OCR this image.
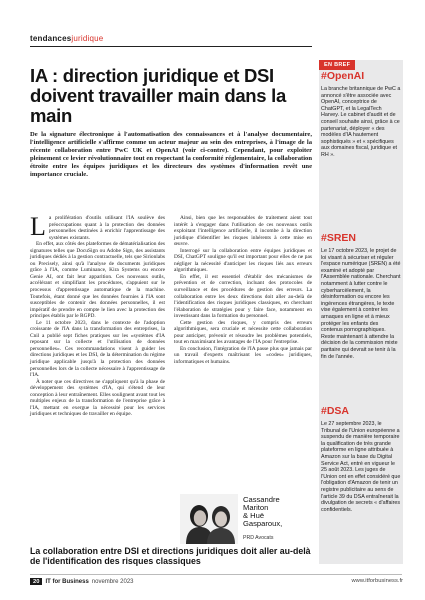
tendancesjuridique
IA : direction juridique et DSI doivent travailler main dans la main

De la signature électronique à l'automatisation des connaissances et à l'analyse documentaire, l'intelligence artificielle s'affirme comme un acteur majeur au sein des entreprises, à l'image de la récente collaboration entre PwC UK et OpenAI (voir ci-contre). Cependant, pour exploiter pleinement ce levier révolutionnaire tout en respectant la conformité réglementaire, la collaboration étroite entre les équipes juridiques et les directeurs des systèmes d'information revêt une importance cruciale.

La prolifération d'outils utilisant l'IA soulève des préoccupations quant à la protection des données personnelles destinées à enrichir l'apprentissage des systèmes existants.

En effet, aux côtés des plateformes de dématérialisation des signatures telles que DocuSign ou Adobe Sign, des assistants juridiques dédiés à la gestion contractuelle, tels que Sirionlabs ou Precisely, ainsi qu'à l'analyse de documents juridiques grâce à l'IA, comme Luminance, Kira Systems ou encore Genie AI, ont fait leur apparition. Ces nouveaux outils, accélérant et simplifiant les procédures, s'appuient sur le processus d'apprentissage automatique de la machine. Toutefois, étant donné que les données fournies à l'IA sont susceptibles de contenir des données personnelles, il est impératif de prendre en compte le lien avec la protection des principes établis par le RGPD.

Le 11 octobre 2023, dans le contexte de l'adoption croissante de l'IA dans la transformation des entreprises, la Cnil a publié sept fiches pratiques sur les «systèmes d'IA reposant sur la collecte et l'utilisation de données personnelles». Ces recommandations visent à guider les directions juridiques et les DSI, de la détermination du régime juridique applicable jusqu'à la protection des données personnelles lors de la collecte nécessaire à l'apprentissage de l'IA.

À noter que ces directives ne s'appliquent qu'à la phase de développement des systèmes d'IA, qui s'étend de leur conception à leur entraînement. Elles soulignent avant tout les multiples enjeux de la transformation de l'entreprise grâce à l'IA, mettant en exergue la nécessité pour les services juridiques et techniques de travailler en équipe.

Ainsi, bien que les responsables de traitement aient tout intérêt à s'engager dans l'utilisation de ces nouveaux outils exploitant l'intelligence artificielle, il incombe à la direction juridique d'identifier les risques inhérents à cette mise en œuvre.

Interrogé sur la collaboration entre équipes juridiques et DSI, ChatGPT souligne qu'il est important pour elles de ne pas négliger la nécessité d'anticiper les risques liés aux erreurs algorithmiques.

En effet, il est essentiel d'établir des mécanismes de prévention et de correction, incluant des protocoles de surveillance et des procédures de gestion des erreurs. La collaboration entre les deux directions doit aller au-delà de l'identification des risques juridiques classiques, en cherchant l'élaboration de stratégies pour y faire face, notamment en investissant dans la formation du personnel.

Cette gestion des risques, y compris des erreurs algorithmiques, sera cruciale et nécessite cette collaboration pour anticiper, prévenir et résoudre les problèmes potentiels, tout en maximisant les avantages de l'IA pour l'entreprise.

En conclusion, l'intégration de l'IA passe plus que jamais par un travail d'experts maîtrisant les «codes» juridiques, informatiques et humains.

Cassandre
Mariton
& Huë
Gasparoux,
PRD Avocats
La collaboration entre DSI et directions juridiques doit aller au-delà de l'identification des risques classiques
EN BREF
#OpenAI
La branche britannique de PwC a annoncé s'être associée avec OpenAI, conceptrice de ChatGPT, et la LegalTech Harvey. Le cabinet d'audit et de conseil souhaite ainsi, grâce à ce partenariat, déployer « des modèles d'IA hautement sophistiqués » et « spécifiques aux domaines fiscal, juridique et RH ».
#SREN
Le 17 octobre 2023, le projet de loi visant à sécuriser et réguler l'espace numérique (SREN) a été examiné et adopté par l'Assemblée nationale. Cherchant notamment à lutter contre le cyberharcèlement, la désinformation ou encore les ingérences étrangères, le texte vise également à contrer les arnaques en ligne et à mieux protéger les enfants des contenus pornographiques. Reste maintenant à attendre la décision de la commission mixte paritaire qui devrait se tenir à la fin de l'année.
#DSA
Le 27 septembre 2023, le Tribunal de l'Union européenne a suspendu de manière temporaire la qualification de très grande plateforme en ligne attribuée à Amazon sur la base du Digital Service Act, entré en vigueur le 25 août 2023. Les juges de l'Union ont en effet considéré que l'obligation d'Amazon de tenir un registre publicitaire au sens de l'article 39 du DSA entraînerait la divulgation de secrets « d'affaires confidentiels.
20	IT for Business novembre 2023	www.itforbusiness.fr
